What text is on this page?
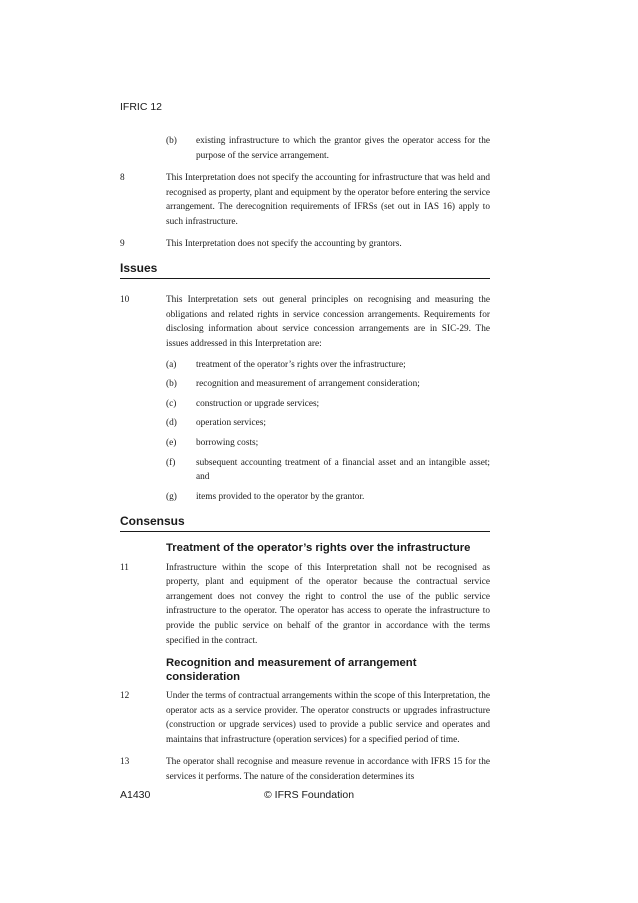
IFRIC 12
(b) existing infrastructure to which the grantor gives the operator access for the purpose of the service arrangement.
8	This Interpretation does not specify the accounting for infrastructure that was held and recognised as property, plant and equipment by the operator before entering the service arrangement. The derecognition requirements of IFRSs (set out in IAS 16) apply to such infrastructure.
9	This Interpretation does not specify the accounting by grantors.
Issues
10	This Interpretation sets out general principles on recognising and measuring the obligations and related rights in service concession arrangements. Requirements for disclosing information about service concession arrangements are in SIC-29. The issues addressed in this Interpretation are:
(a) treatment of the operator’s rights over the infrastructure;
(b) recognition and measurement of arrangement consideration;
(c) construction or upgrade services;
(d) operation services;
(e) borrowing costs;
(f) subsequent accounting treatment of a financial asset and an intangible asset; and
(g) items provided to the operator by the grantor.
Consensus
Treatment of the operator’s rights over the infrastructure
11	Infrastructure within the scope of this Interpretation shall not be recognised as property, plant and equipment of the operator because the contractual service arrangement does not convey the right to control the use of the public service infrastructure to the operator. The operator has access to operate the infrastructure to provide the public service on behalf of the grantor in accordance with the terms specified in the contract.
Recognition and measurement of arrangement consideration
12	Under the terms of contractual arrangements within the scope of this Interpretation, the operator acts as a service provider. The operator constructs or upgrades infrastructure (construction or upgrade services) used to provide a public service and operates and maintains that infrastructure (operation services) for a specified period of time.
13	The operator shall recognise and measure revenue in accordance with IFRS 15 for the services it performs. The nature of the consideration determines its
A1430	© IFRS Foundation
